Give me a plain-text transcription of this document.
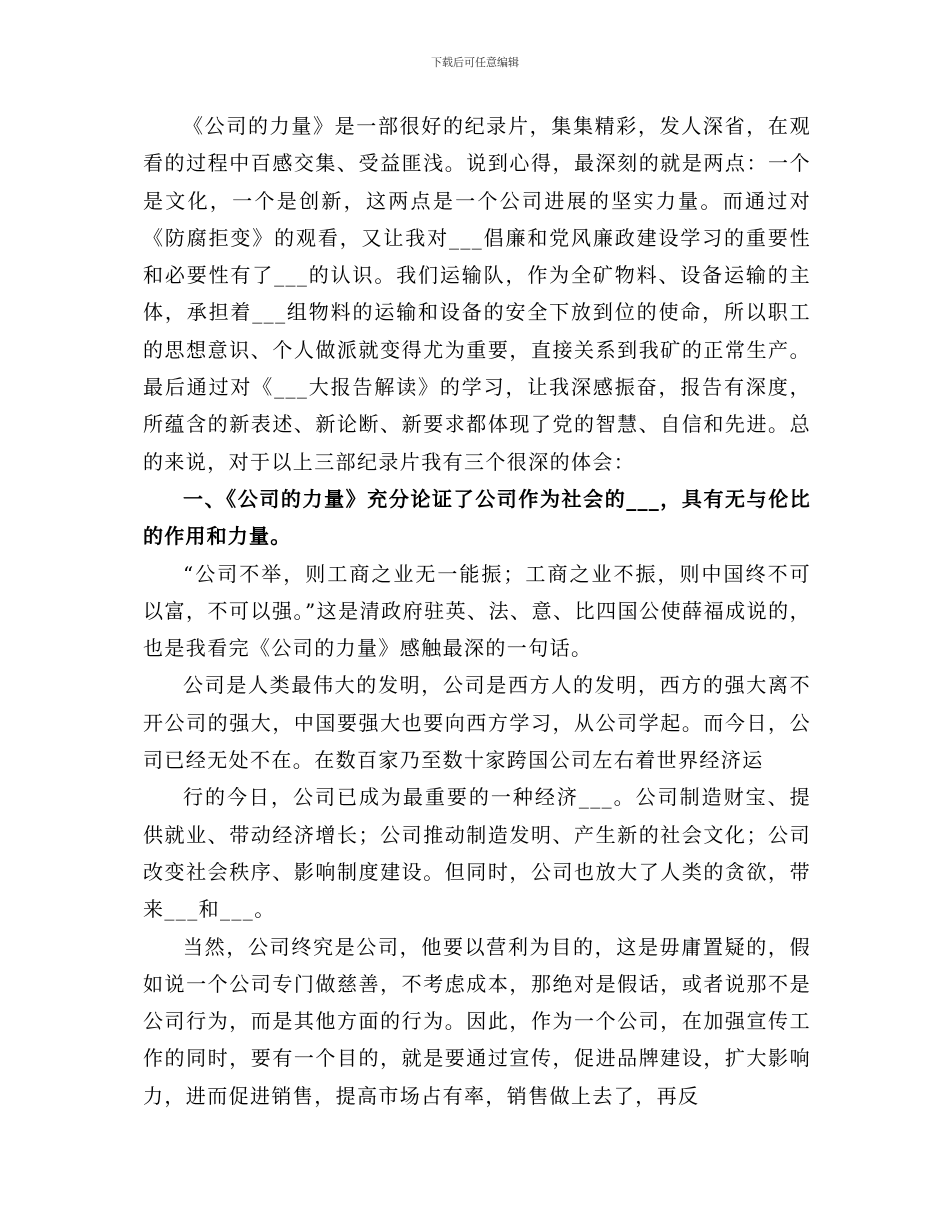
下载后可任意编辑

《公司的力量》是一部很好的纪录片，集集精彩，发人深省，在观看的过程中百感交集、受益匪浅。说到心得，最深刻的就是两点：一个是文化，一个是创新，这两点是一个公司进展的坚实力量。而通过对《防腐拒变》的观看，又让我对___倡廉和党风廉政建设学习的重要性和必要性有了___的认识。我们运输队，作为全矿物料、设备运输的主体，承担着___组物料的运输和设备的安全下放到位的使命，所以职工的思想意识、个人做派就变得尤为重要，直接关系到我矿的正常生产。最后通过对《___大报告解读》的学习，让我深感振奋，报告有深度，所蕴含的新表述、新论断、新要求都体现了党的智慧、自信和先进。总的来说，对于以上三部纪录片我有三个很深的体会：

一、《公司的力量》充分论证了公司作为社会的___，具有无与伦比的作用和力量。

“公司不举，则工商之业无一能振；工商之业不振，则中国终不可以富，不可以强。”这是清政府驻英、法、意、比四国公使薛福成说的，也是我看完《公司的力量》感触最深的一句话。

公司是人类最伟大的发明，公司是西方人的发明，西方的强大离不开公司的强大，中国要强大也要向西方学习，从公司学起。而今日，公司已经无处不在。在数百家乃至数十家跨国公司左右着世界经济运

行的今日，公司已成为最重要的一种经济___。公司制造财宝、提供就业、带动经济增长；公司推动制造发明、产生新的社会文化；公司改变社会秩序、影响制度建设。但同时，公司也放大了人类的贪欲，带来___和___。

当然，公司终究是公司，他要以营利为目的，这是毋庸置疑的，假如说一个公司专门做慈善，不考虑成本，那绝对是假话，或者说那不是公司行为，而是其他方面的行为。因此，作为一个公司，在加强宣传工作的同时，要有一个目的，就是要通过宣传，促进品牌建设，扩大影响力，进而促进销售，提高市场占有率，销售做上去了，再反
